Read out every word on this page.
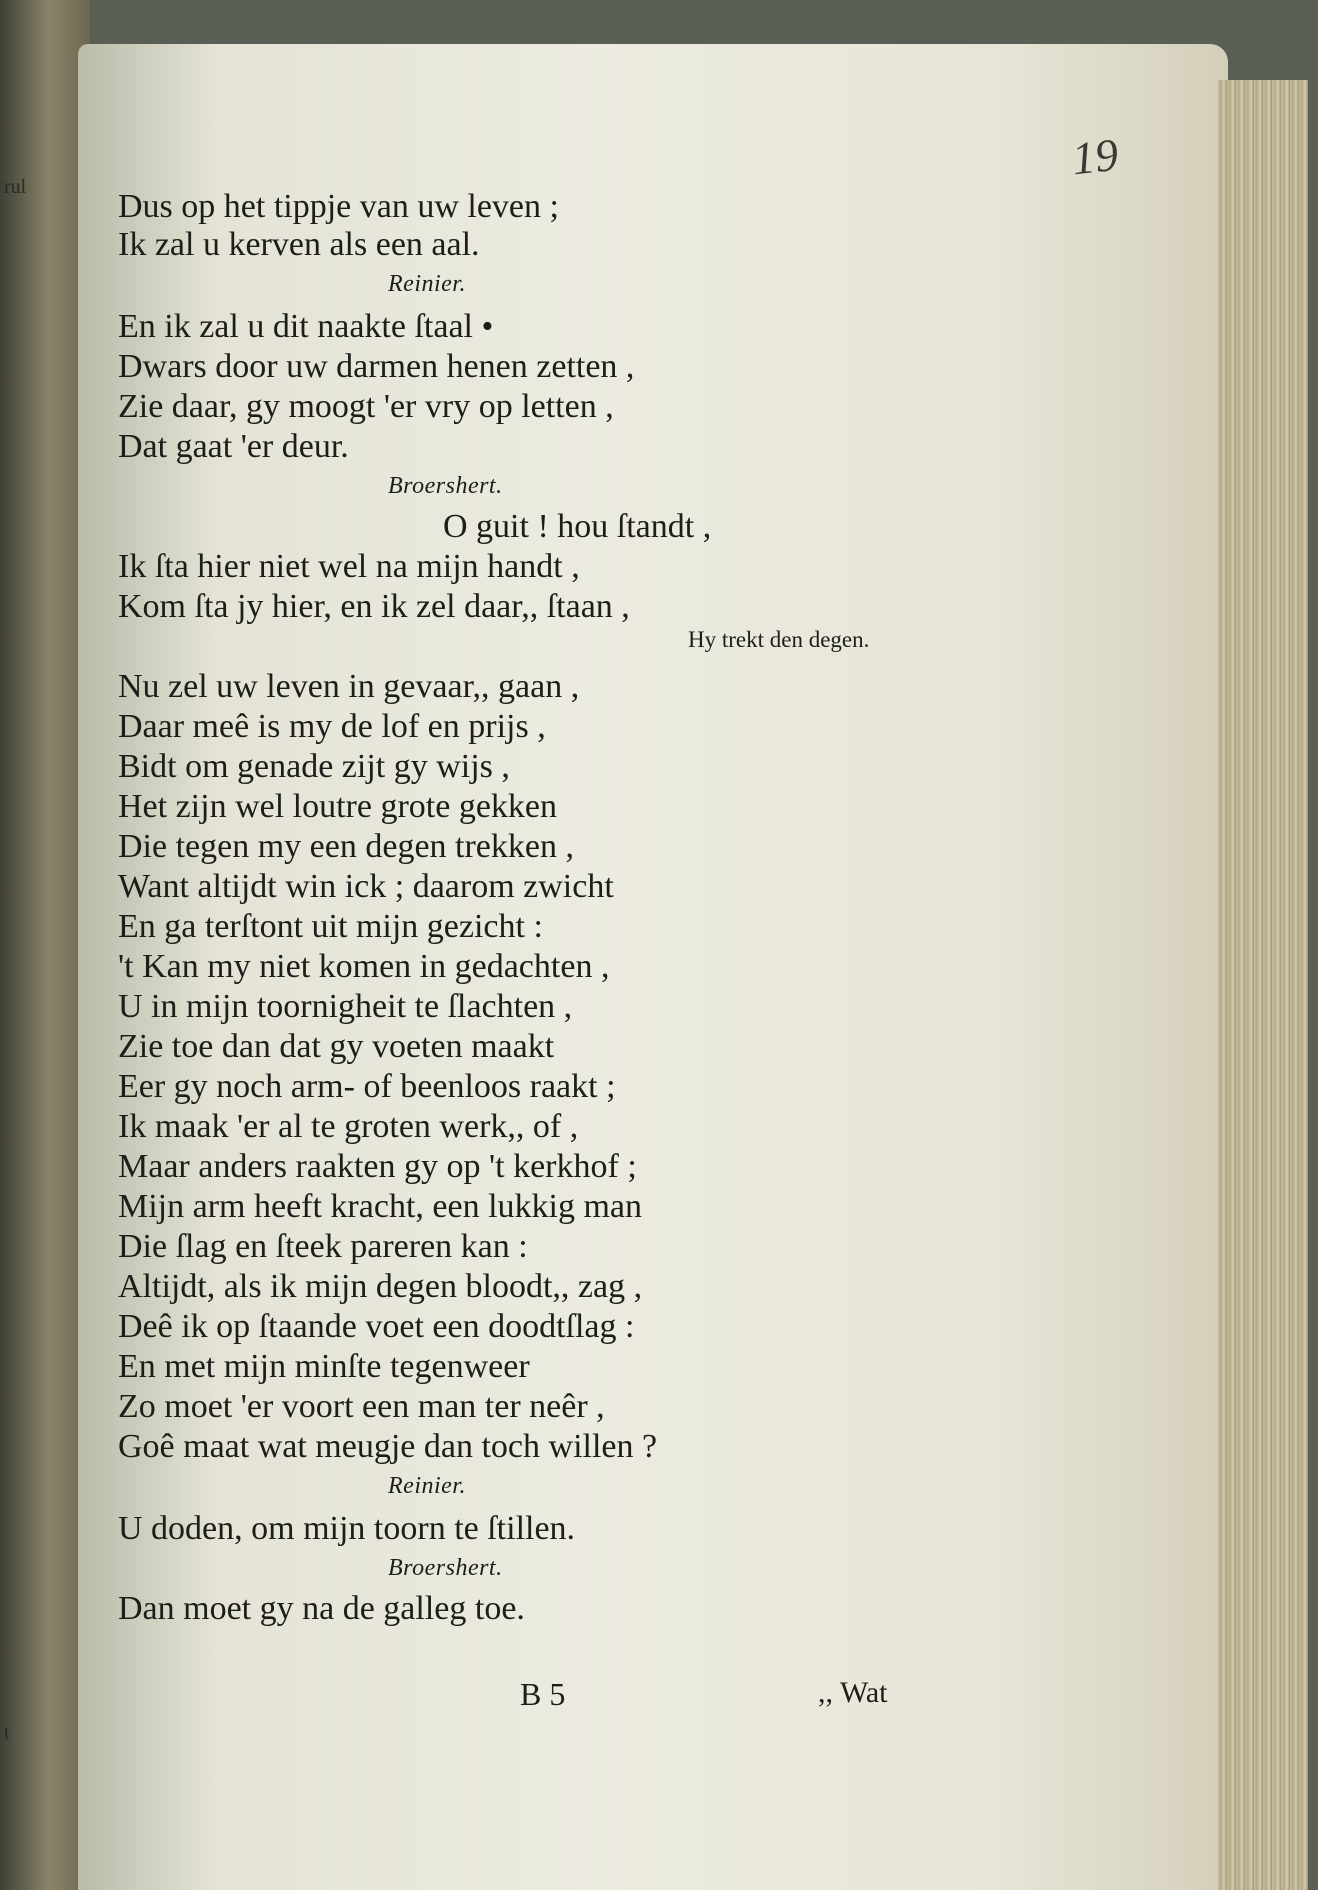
rul
t
19
Dus op het tippje van uw leven ;
Ik zal u kerven als een aal.
Reinier.
En ik zal u dit naakte ſtaal •
Dwars door uw darmen henen zetten ,
Zie daar, gy moogt 'er vry op letten ,
Dat gaat 'er deur.
Broershert.
O guit ! hou ſtandt ,
Ik ſta hier niet wel na mijn handt ,
Kom ſta jy hier, en ik zel daar,, ſtaan ,
Hy trekt den degen.
Nu zel uw leven in gevaar,, gaan ,
Daar meê is my de lof en prijs ,
Bidt om genade zijt gy wijs ,
Het zijn wel loutre grote gekken
Die tegen my een degen trekken ,
Want altijdt win ick ; daarom zwicht
En ga terſtont uit mijn gezicht :
't Kan my niet komen in gedachten ,
U in mijn toornigheit te ſlachten ,
Zie toe dan dat gy voeten maakt
Eer gy noch arm- of beenloos raakt ;
Ik maak 'er al te groten werk,, of ,
Maar anders raakten gy op 't kerkhof ;
Mijn arm heeft kracht, een lukkig man
Die ſlag en ſteek pareren kan :
Altijdt, als ik mijn degen bloodt,, zag ,
Deê ik op ſtaande voet een doodtſlag :
En met mijn minſte tegenweer
Zo moet 'er voort een man ter neêr ,
Goê maat wat meugje dan toch willen ?
Reinier.
U doden, om mijn toorn te ſtillen.
Broershert.
Dan moet gy na de galleg toe.
B 5	,, Wat
